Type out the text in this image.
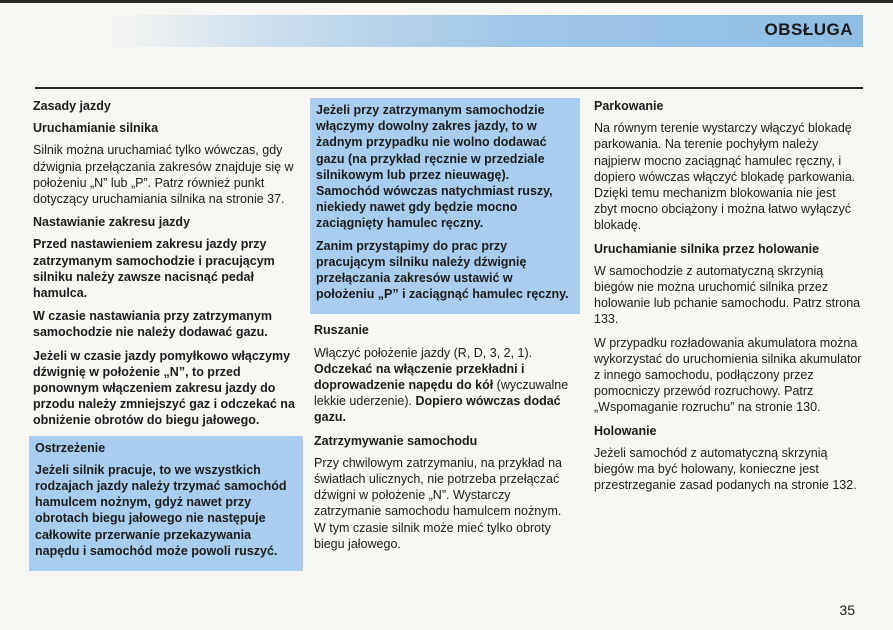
OBSŁUGA
Zasady jazdy
Uruchamianie silnika

Silnik można uruchamiać tylko wówczas, gdy dźwignia przełączania zakresów znajduje się w położeniu „N” lub „P”. Patrz również punkt dotyczący uruchamiania silnika na stronie 37.

Nastawianie zakresu jazdy

Przed nastawieniem zakresu jazdy przy zatrzymanym samochodzie i pracującym silniku należy zawsze nacisnąć pedał hamulca.

W czasie nastawiania przy zatrzymanym samochodzie nie należy dodawać gazu.

Jeżeli w czasie jazdy pomyłkowo włączymy dźwignię w położenie „N”, to przed ponownym włączeniem zakresu jazdy do przodu należy zmniejszyć gaz i odczekać na obniżenie obrotów do biegu jałowego.

Ostrzeżenie

Jeżeli silnik pracuje, to we wszystkich rodzajach jazdy należy trzymać samochód hamulcem nożnym, gdyż nawet przy obrotach biegu jałowego nie następuje całkowite przerwanie przekazywania napędu i samochód może powoli ruszyć.

Jeżeli przy zatrzymanym samochodzie włączymy dowolny zakres jazdy, to w żadnym przypadku nie wolno dodawać gazu (na przykład ręcznie w przedziale silnikowym lub przez nieuwagę). Samochód wówczas natychmiast ruszy, niekiedy nawet gdy będzie mocno zaciągnięty hamulec ręczny.

Zanim przystąpimy do prac przy pracującym silniku należy dźwignię przełączania zakresów ustawić w położeniu „P” i zaciągnąć hamulec ręczny.

Ruszanie

Włączyć położenie jazdy (R, D, 3, 2, 1). Odczekać na włączenie przekładni i doprowadzenie napędu do kół (wyczuwalne lekkie uderzenie). Dopiero wówczas dodać gazu.

Zatrzymywanie samochodu

Przy chwilowym zatrzymaniu, na przykład na światłach ulicznych, nie potrzeba przełączać dźwigni w położenie „N”. Wystarczy zatrzymanie samochodu hamulcem nożnym. W tym czasie silnik może mieć tylko obroty biegu jałowego.

Parkowanie

Na równym terenie wystarczy włączyć blokadę parkowania. Na terenie pochyłym należy najpierw mocno zaciągnąć hamulec ręczny, i dopiero wówczas włączyć blokadę parkowania. Dzięki temu mechanizm blokowania nie jest zbyt mocno obciążony i można łatwo wyłączyć blokadę.

Uruchamianie silnika przez holowanie

W samochodzie z automatyczną skrzynią biegów nie można uruchomić silnika przez holowanie lub pchanie samochodu. Patrz strona 133.

W przypadku rozładowania akumulatora można wykorzystać do uruchomienia silnika akumulator z innego samochodu, podłączony przez pomocniczy przewód rozruchowy. Patrz „Wspomaganie rozruchu” na stronie 130.

Holowanie

Jeżeli samochód z automatyczną skrzynią biegów ma być holowany, konieczne jest przestrzeganie zasad podanych na stronie 132.

35
